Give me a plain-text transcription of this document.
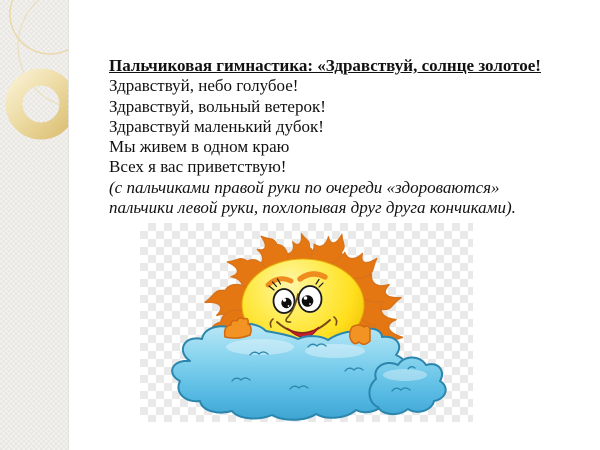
Пальчиковая гимнастика: «Здравствуй, солнце золотое!
Здравствуй, небо голубое!
Здравствуй, вольный ветерок!
Здравствуй маленький дубок!
Мы живем в одном краю
Всех я вас приветствую!
(с пальчиками правой руки по очереди «здороваются»
пальчики левой руки, похлопывая друг друга кончиками).
